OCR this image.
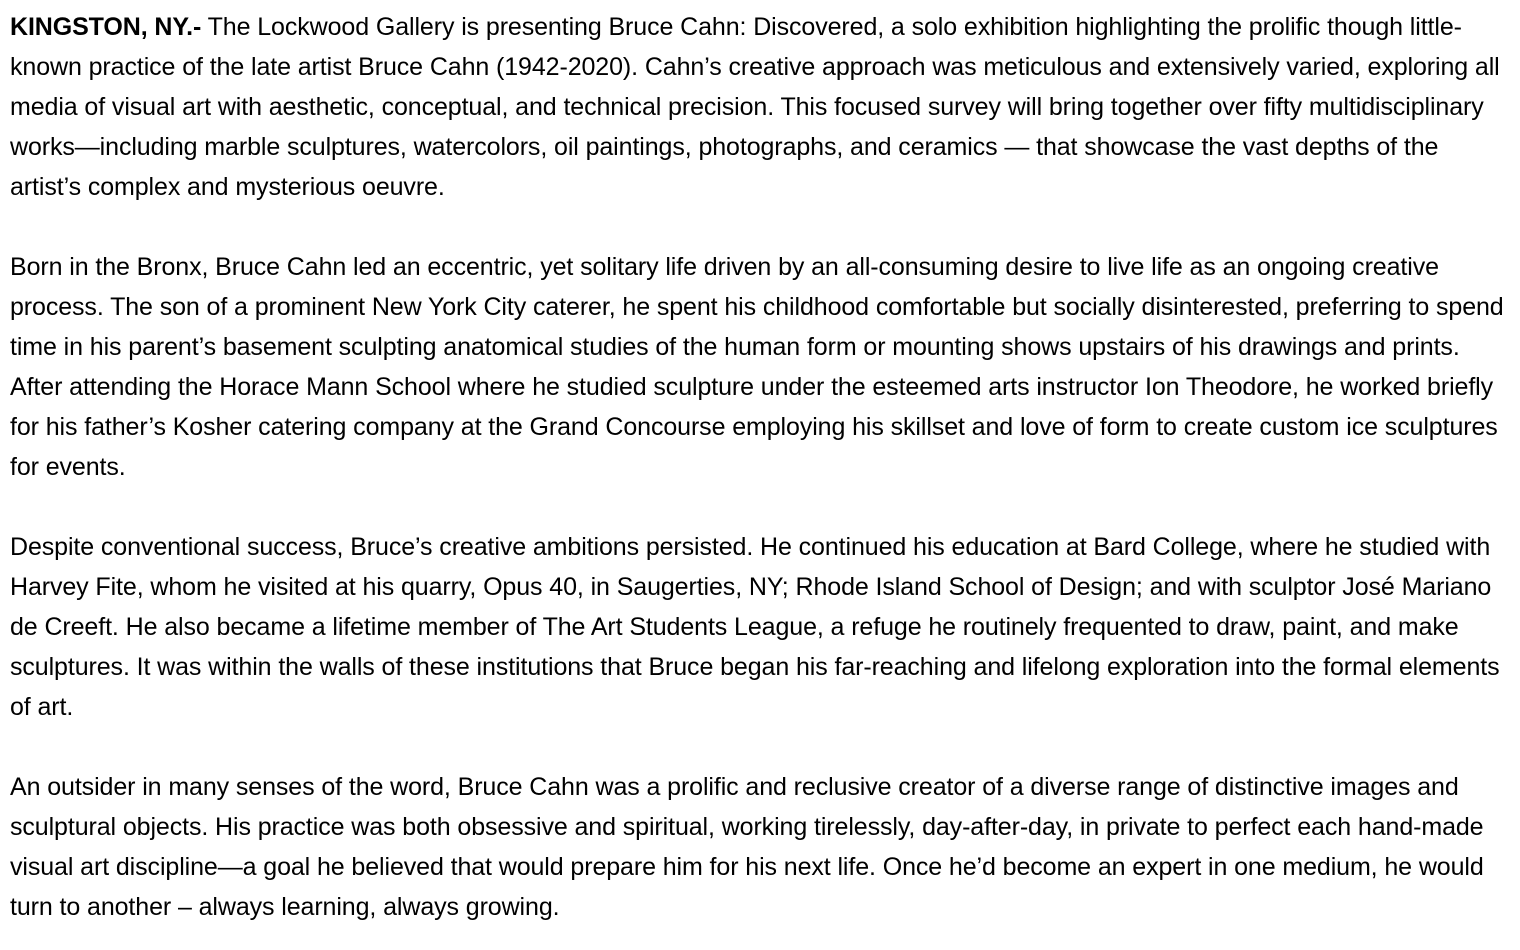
KINGSTON, NY.- The Lockwood Gallery is presenting Bruce Cahn: Discovered, a solo exhibition highlighting the prolific though little-known practice of the late artist Bruce Cahn (1942-2020). Cahn’s creative approach was meticulous and extensively varied, exploring all media of visual art with aesthetic, conceptual, and technical precision. This focused survey will bring together over fifty multidisciplinary works—including marble sculptures, watercolors, oil paintings, photographs, and ceramics — that showcase the vast depths of the artist’s complex and mysterious oeuvre.

Born in the Bronx, Bruce Cahn led an eccentric, yet solitary life driven by an all-consuming desire to live life as an ongoing creative process. The son of a prominent New York City caterer, he spent his childhood comfortable but socially disinterested, preferring to spend time in his parent’s basement sculpting anatomical studies of the human form or mounting shows upstairs of his drawings and prints. After attending the Horace Mann School where he studied sculpture under the esteemed arts instructor Ion Theodore, he worked briefly for his father’s Kosher catering company at the Grand Concourse employing his skillset and love of form to create custom ice sculptures for events.

Despite conventional success, Bruce’s creative ambitions persisted. He continued his education at Bard College, where he studied with Harvey Fite, whom he visited at his quarry, Opus 40, in Saugerties, NY; Rhode Island School of Design; and with sculptor José Mariano de Creeft. He also became a lifetime member of The Art Students League, a refuge he routinely frequented to draw, paint, and make sculptures. It was within the walls of these institutions that Bruce began his far-reaching and lifelong exploration into the formal elements of art.

An outsider in many senses of the word, Bruce Cahn was a prolific and reclusive creator of a diverse range of distinctive images and sculptural objects. His practice was both obsessive and spiritual, working tirelessly, day-after-day, in private to perfect each hand-made visual art discipline—a goal he believed that would prepare him for his next life. Once he’d become an expert in one medium, he would turn to another – always learning, always growing.
